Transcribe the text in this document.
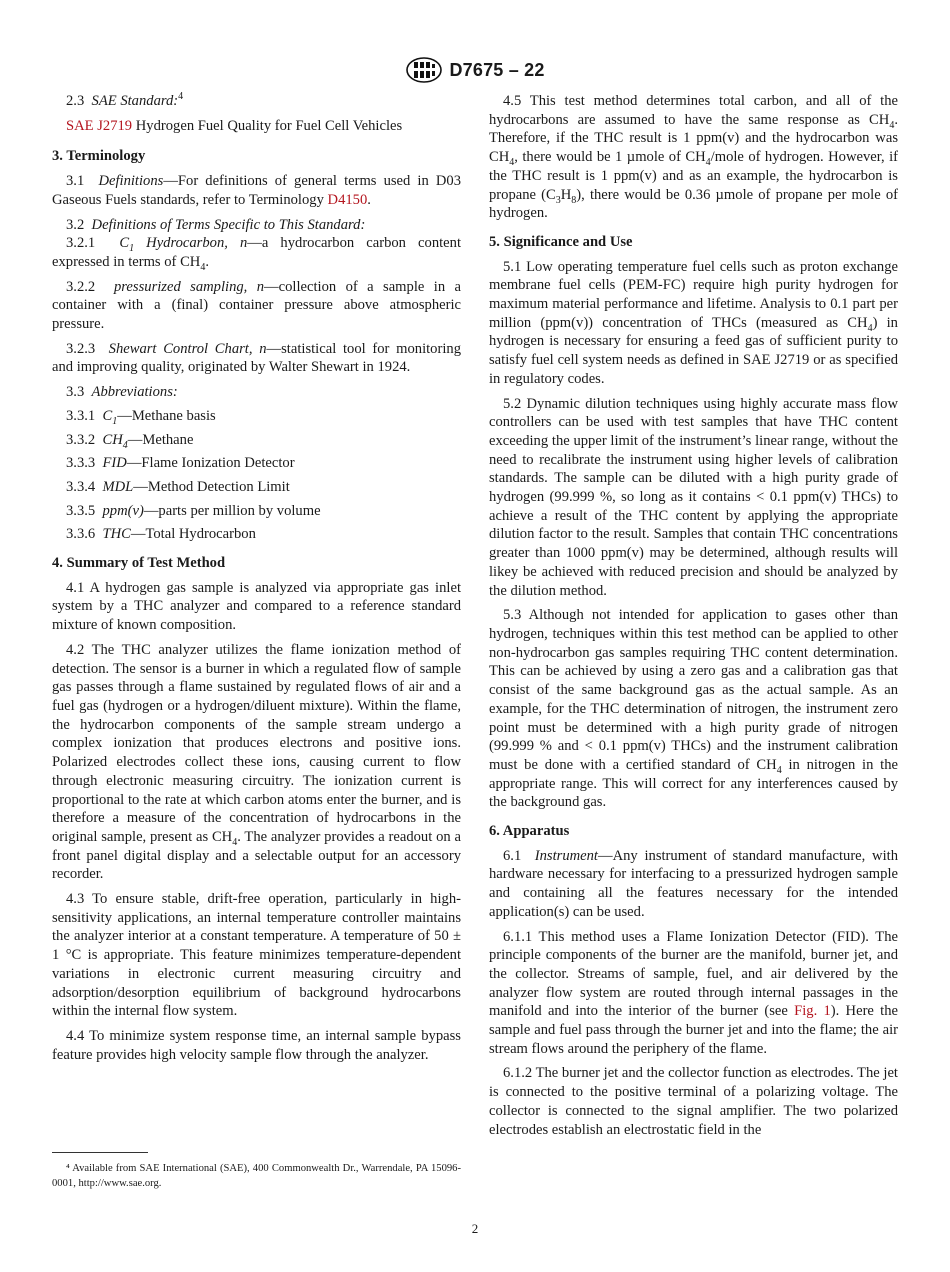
D7675 – 22

2.3 SAE Standard:$^4$

SAE J2719 Hydrogen Fuel Quality for Fuel Cell Vehicles

3. Terminology

3.1 Definitions—For definitions of general terms used in D03 Gaseous Fuels standards, refer to Terminology D4150.

3.2 Definitions of Terms Specific to This Standard:

3.2.1 $C_1$ Hydrocarbon, n—a hydrocarbon carbon content expressed in terms of $CH_4$.

3.2.2 pressurized sampling, n—collection of a sample in a container with a (final) container pressure above atmospheric pressure.

3.2.3 Shewart Control Chart, n—statistical tool for monitoring and improving quality, originated by Walter Shewart in 1924.

3.3 Abbreviations:

3.3.1 $C_1—Methane$ basis

3.3.2 $CH_4—Methane$

3.3.3 FID—Flame Ionization Detector

3.3.4 MDL—Method Detection Limit

3.3.5 ppm(v)—parts per million by volume

3.3.6 THC—Total Hydrocarbon

4. Summary of Test Method

4.1 A hydrogen gas sample is analyzed via appropriate gas inlet system by a THC analyzer and compared to a reference standard mixture of known composition.

4.2 The THC analyzer utilizes the flame ionization method of detection. The sensor is a burner in which a regulated flow of sample gas passes through a flame sustained by regulated flows of air and a fuel gas (hydrogen or a hydrogen/diluent mixture). Within the flame, the hydrocarbon components of the sample stream undergo a complex ionization that produces electrons and positive ions. Polarized electrodes collect these ions, causing current to flow through electronic measuring circuitry. The ionization current is proportional to the rate at which carbon atoms enter the burner, and is therefore a measure of the concentration of hydrocarbons in the original sample, present as $CH_4$. The analyzer provides a readout on a front panel digital display and a selectable output for an accessory recorder.

4.3 To ensure stable, drift-free operation, particularly in high-sensitivity applications, an internal temperature controller maintains the analyzer interior at a constant temperature. A temperature of 50 ± 1 °C is appropriate. This feature minimizes temperature-dependent variations in electronic current measuring circuitry and adsorption/desorption equilibrium of background hydrocarbons within the internal flow system.

4.4 To minimize system response time, an internal sample bypass feature provides high velocity sample flow through the analyzer.

⁴ Available from SAE International (SAE), 400 Commonwealth Dr., Warrendale, PA 15096-0001, http://www.sae.org.

4.5 This test method determines total carbon, and all of the hydrocarbons are assumed to have the same response as $CH_4$. Therefore, if the THC result is 1 ppm(v) and the hydrocarbon was $CH_4$, there would be 1 µmole of $CH_4$/mole of hydrogen. However, if the THC result is 1 ppm(v) and as an example, the hydrocarbon is propane $(C_3H_8)$, there would be 0.36 µmole of propane per mole of hydrogen.

5. Significance and Use

5.1 Low operating temperature fuel cells such as proton exchange membrane fuel cells (PEM-FC) require high purity hydrogen for maximum material performance and lifetime. Analysis to 0.1 part per million (ppm(v)) concentration of THCs (measured as $CH_4$) in hydrogen is necessary for ensuring a feed gas of sufficient purity to satisfy fuel cell system needs as defined in SAE J2719 or as specified in regulatory codes.

5.2 Dynamic dilution techniques using highly accurate mass flow controllers can be used with test samples that have THC content exceeding the upper limit of the instrument’s linear range, without the need to recalibrate the instrument using higher levels of calibration standards. The sample can be diluted with a high purity grade of hydrogen (99.999 %, so long as it contains < 0.1 ppm(v) THCs) to achieve a result of the THC content by applying the appropriate dilution factor to the result. Samples that contain THC concentrations greater than 1000 ppm(v) may be determined, although results will likey be achieved with reduced precision and should be analyzed by the dilution method.

5.3 Although not intended for application to gases other than hydrogen, techniques within this test method can be applied to other non-hydrocarbon gas samples requiring THC content determination. This can be achieved by using a zero gas and a calibration gas that consist of the same background gas as the actual sample. As an example, for the THC determination of nitrogen, the instrument zero point must be determined with a high purity grade of nitrogen (99.999 % and < 0.1 ppm(v) THCs) and the instrument calibration must be done with a certified standard of $CH_4$ in nitrogen in the appropriate range. This will correct for any interferences caused by the background gas.

6. Apparatus

6.1 Instrument—Any instrument of standard manufacture, with hardware necessary for interfacing to a pressurized hydrogen sample and containing all the features necessary for the intended application(s) can be used.

6.1.1 This method uses a Flame Ionization Detector (FID). The principle components of the burner are the manifold, burner jet, and the collector. Streams of sample, fuel, and air delivered by the analyzer flow system are routed through internal passages in the manifold and into the interior of the burner (see Fig. 1). Here the sample and fuel pass through the burner jet and into the flame; the air stream flows around the periphery of the flame.

6.1.2 The burner jet and the collector function as electrodes. The jet is connected to the positive terminal of a polarizing voltage. The collector is connected to the signal amplifier. The two polarized electrodes establish an electrostatic field in the

2
